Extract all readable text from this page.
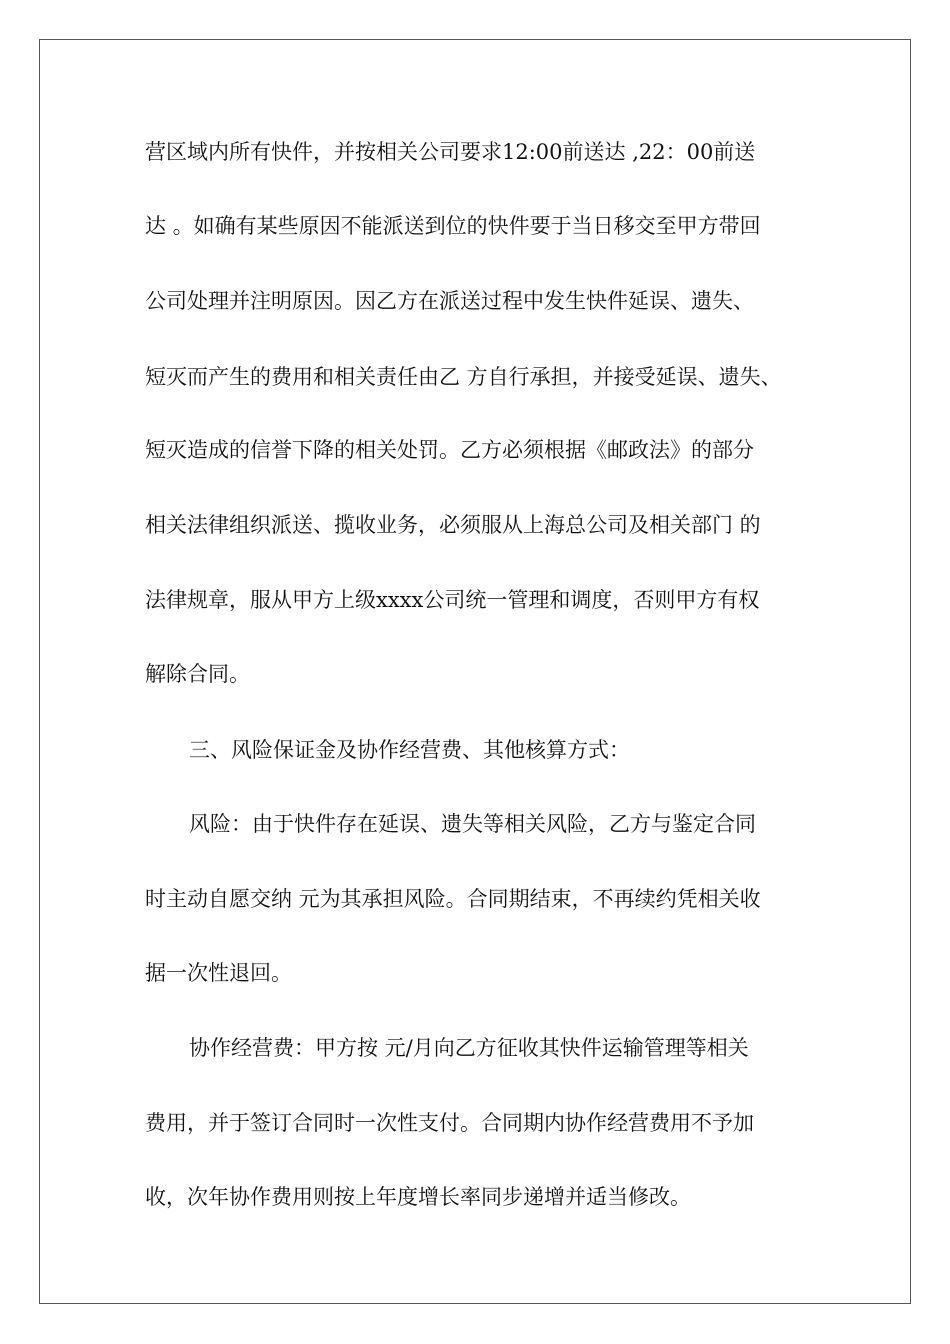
营区域内所有快件，并按相关公司要求12:00前送达 ,22：00前送

达 。如确有某些原因不能派送到位的快件要于当日移交至甲方带回

公司处理并注明原因。因乙方在派送过程中发生快件延误、遗失、

短灭而产生的费用和相关责任由乙 方自行承担，并接受延误、遗失、

短灭造成的信誉下降的相关处罚。乙方必须根据《邮政法》的部分

相关法律组织派送、揽收业务，必须服从上海总公司及相关部门 的

法律规章，服从甲方上级xxxx公司统一管理和调度，否则甲方有权

解除合同。

三、风险保证金及协作经营费、其他核算方式：

风险：由于快件存在延误、遗失等相关风险，乙方与鉴定合同

时主动自愿交纳 元为其承担风险。合同期结束，不再续约凭相关收

据一次性退回。

协作经营费：甲方按 元/月向乙方征收其快件运输管理等相关

费用，并于签订合同时一次性支付。合同期内协作经营费用不予加

收，次年协作费用则按上年度增长率同步递增并适当修改。
